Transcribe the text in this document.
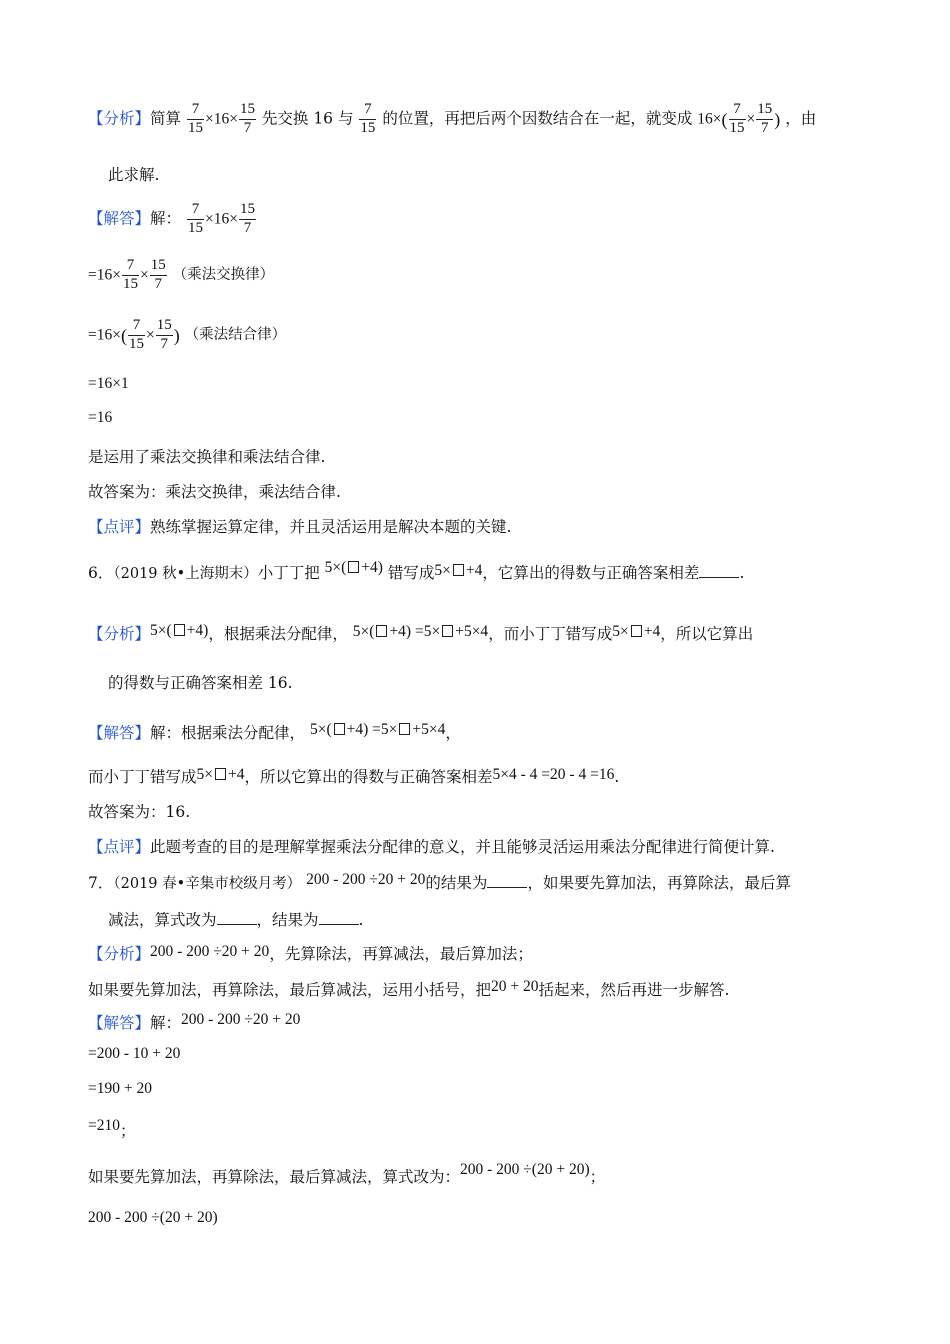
【分析】简算 $\frac{7}{15} \times 16\times \frac{15}{7}$ 先交换 16 与 $\frac{7}{15}$ 的位置，再把后两个因数结合在一起，就变成 $16\times( \frac{7}{15} \times \frac{15}{7}$ ) ，由
此求解.
【解答】解： $\frac{7}{15} \times 16\times \frac{15}{7}$
$=16\times \frac{7}{15} \times \frac{15}{7}$ （乘法交换律）
$=16\times( \frac{7}{15} \times \frac{15}{7}$ ) （乘法结合律）
=16×1
=16
是运用了乘法交换律和乘法结合律.
故答案为：乘法交换律，乘法结合律.
【点评】熟练掌握运算定律，并且灵活运用是解决本题的关键.
6．（2019 秋•上海期末）小丁丁把 5×( +4) 错写成5× +4，它算出的得数与正确答案相差	.
【分析】5×( +4)，根据乘法分配律， 5×( +4) =5× +5×4，而小丁丁错写成5× +4，所以它算出
的得数与正确答案相差 16.
【解答】解：根据乘法分配律， 5×( +4) =5× +5×4，
而小丁丁错写成5× +4，所以它算出的得数与正确答案相差5×4 - 4 =20 - 4 =16.
故答案为：16.
【点评】此题考查的目的是理解掌握乘法分配律的意义，并且能够灵活运用乘法分配律进行简便计算.
7．（2019 春•辛集市校级月考） 200 - 200 ÷20 + 20的结果为	，如果要先算加法，再算除法，最后算
减法，算式改为	，结果为	.
【分析】200 - 200 ÷20 + 20，先算除法，再算减法，最后算加法；
如果要先算加法，再算除法，最后算减法，运用小括号，把20 + 20括起来，然后再进一步解答.
【解答】解：200 - 200 ÷20 + 20
=200 - 10 + 20
=190 + 20
=210；
如果要先算加法，再算除法，最后算减法，算式改为：200 - 200 ÷(20 + 20)；
200 - 200 ÷(20 + 20)
